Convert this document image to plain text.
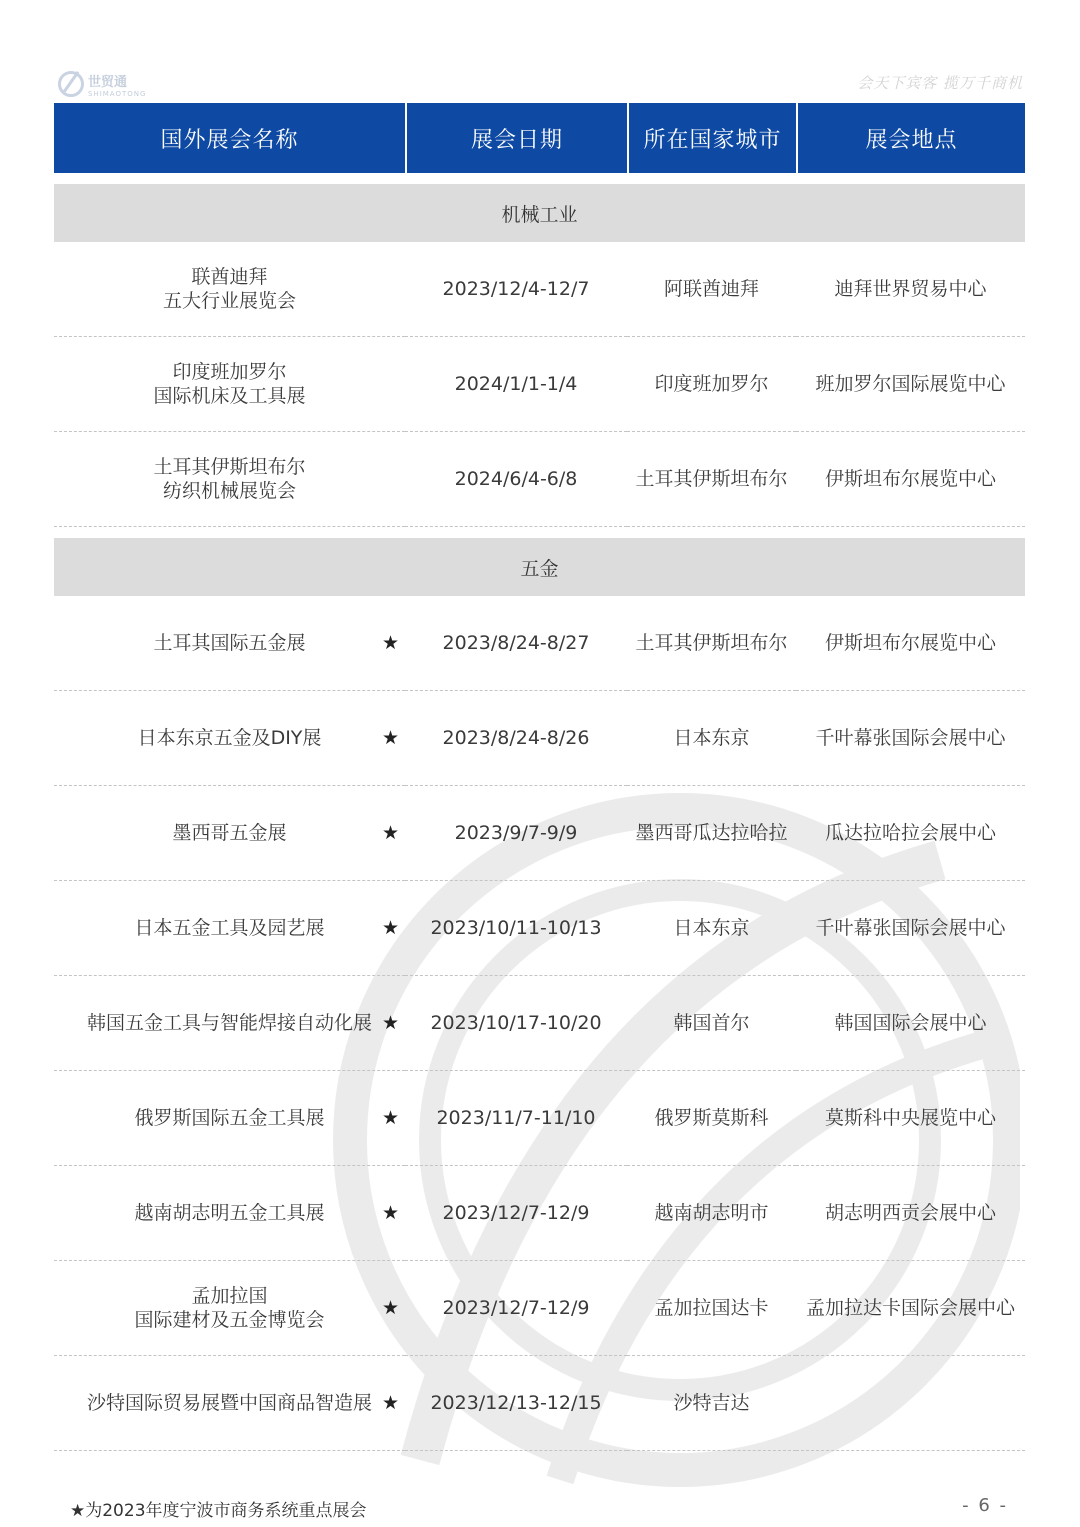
世贸通
SHIMAOTONG
会天下宾客 揽万千商机
国外展会名称	展会日期	所在国家城市	展会地点

机械工业			
联酋迪拜
五大行业展览会	2023/12/4-12/7	阿联酋迪拜	迪拜世界贸易中心
印度班加罗尔
国际机床及工具展	2024/1/1-1/4	印度班加罗尔	班加罗尔国际展览中心
土耳其伊斯坦布尔
纺织机械展览会	2024/6/4-6/8	土耳其伊斯坦布尔	伊斯坦布尔展览中心

五金			
土耳其国际五金展 ★	2023/8/24-8/27	土耳其伊斯坦布尔	伊斯坦布尔展览中心
日本东京五金及DIY展 ★	2023/8/24-8/26	日本东京	千叶幕张国际会展中心
墨西哥五金展 ★	2023/9/7-9/9	墨西哥瓜达拉哈拉	瓜达拉哈拉会展中心
日本五金工具及园艺展 ★	2023/10/11-10/13	日本东京	千叶幕张国际会展中心
韩国五金工具与智能焊接自动化展 ★	2023/10/17-10/20	韩国首尔	韩国国际会展中心
俄罗斯国际五金工具展 ★	2023/11/7-11/10	俄罗斯莫斯科	莫斯科中央展览中心
越南胡志明五金工具展 ★	2023/12/7-12/9	越南胡志明市	胡志明西贡会展中心
孟加拉国
国际建材及五金博览会
★	2023/12/7-12/9	孟加拉国达卡	孟加拉达卡国际会展中心
沙特国际贸易展暨中国商品智造展 ★	2023/12/13-12/15	沙特吉达	
★为2023年度宁波市商务系统重点展会	- 6 -
